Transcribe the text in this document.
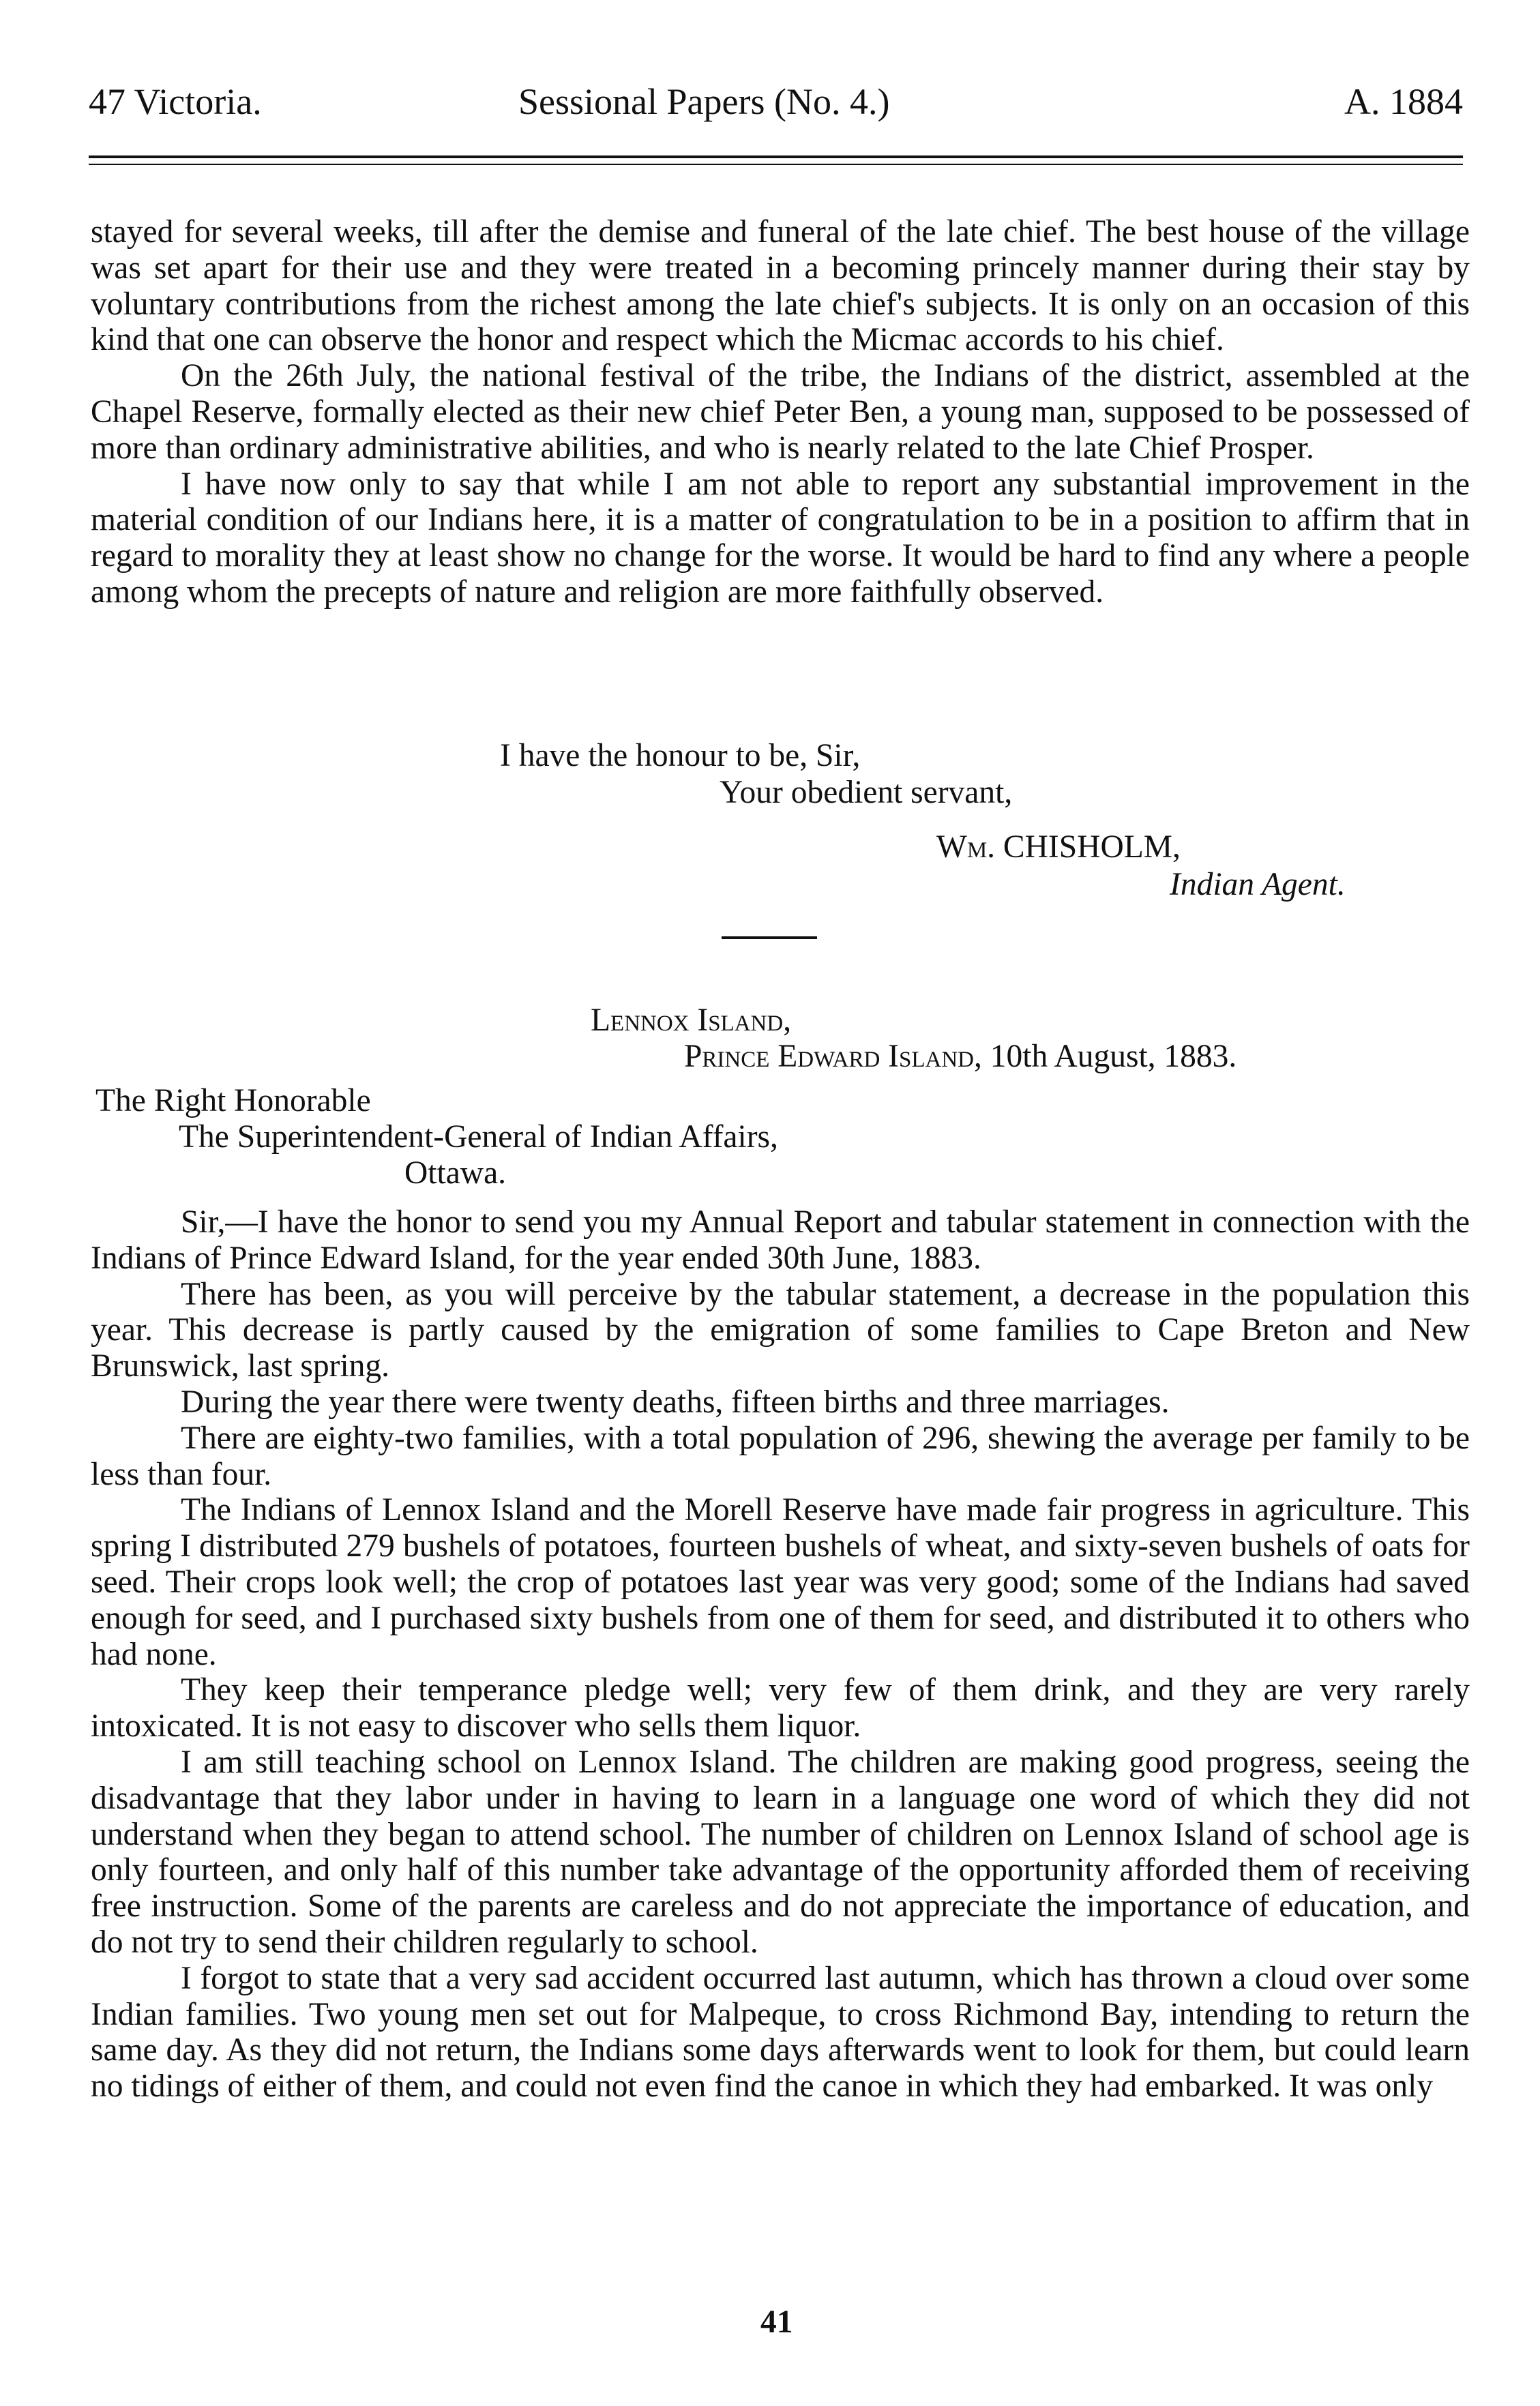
47 Victoria.	Sessional Papers (No. 4.)	A. 1884

stayed for several weeks, till after the demise and funeral of the late chief. The best house of the village was set apart for their use and they were treated in a becoming princely manner during their stay by voluntary contributions from the richest among the late chief's subjects. It is only on an occasion of this kind that one can observe the honor and respect which the Micmac accords to his chief.

On the 26th July, the national festival of the tribe, the Indians of the district, assembled at the Chapel Reserve, formally elected as their new chief Peter Ben, a young man, supposed to be possessed of more than ordinary administrative abilities, and who is nearly related to the late Chief Prosper.

I have now only to say that while I am not able to report any substantial improvement in the material condition of our Indians here, it is a matter of congratulation to be in a position to affirm that in regard to morality they at least show no change for the worse. It would be hard to find any where a people among whom the precepts of nature and religion are more faithfully observed.

I have the honour to be, Sir,
Your obedient servant,
Wm. CHISHOLM,
Indian Agent.
Lennox Island,
Prince Edward Island, 10th August, 1883.
The Right Honorable
The Superintendent-General of Indian Affairs,
Ottawa.

Sir,—I have the honor to send you my Annual Report and tabular statement in connection with the Indians of Prince Edward Island, for the year ended 30th June, 1883.

There has been, as you will perceive by the tabular statement, a decrease in the population this year. This decrease is partly caused by the emigration of some families to Cape Breton and New Brunswick, last spring.

During the year there were twenty deaths, fifteen births and three marriages.

There are eighty-two families, with a total population of 296, shewing the average per family to be less than four.

The Indians of Lennox Island and the Morell Reserve have made fair progress in agriculture. This spring I distributed 279 bushels of potatoes, fourteen bushels of wheat, and sixty-seven bushels of oats for seed. Their crops look well; the crop of potatoes last year was very good; some of the Indians had saved enough for seed, and I purchased sixty bushels from one of them for seed, and distributed it to others who had none.

They keep their temperance pledge well; very few of them drink, and they are very rarely intoxicated. It is not easy to discover who sells them liquor.

I am still teaching school on Lennox Island. The children are making good progress, seeing the disadvantage that they labor under in having to learn in a language one word of which they did not understand when they began to attend school. The number of children on Lennox Island of school age is only fourteen, and only half of this number take advantage of the opportunity afforded them of receiving free instruction. Some of the parents are careless and do not appreciate the importance of education, and do not try to send their children regularly to school.

I forgot to state that a very sad accident occurred last autumn, which has thrown a cloud over some Indian families. Two young men set out for Malpeque, to cross Richmond Bay, intending to return the same day. As they did not return, the Indians some days afterwards went to look for them, but could learn no tidings of either of them, and could not even find the canoe in which they had embarked. It was only

41
